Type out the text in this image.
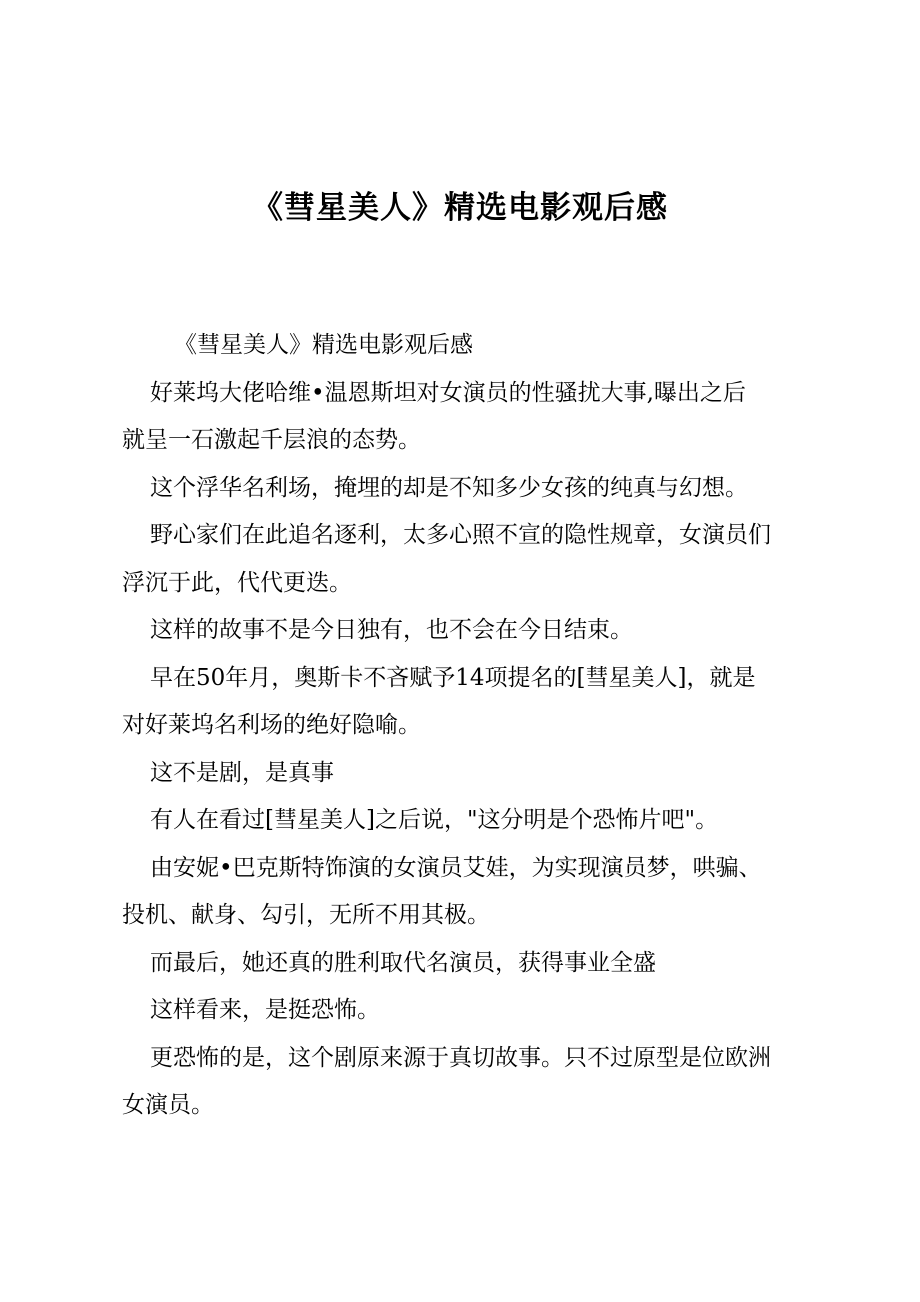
《彗星美人》精选电影观后感
《彗星美人》精选电影观后感
好莱坞大佬哈维•温恩斯坦对女演员的性骚扰大事,曝出之后
就呈一石激起千层浪的态势。
这个浮华名利场，掩埋的却是不知多少女孩的纯真与幻想。
野心家们在此追名逐利，太多心照不宣的隐性规章，女演员们
浮沉于此，代代更迭。
这样的故事不是今日独有，也不会在今日结束。
早在50年月，奥斯卡不吝赋予14项提名的[彗星美人]，就是
对好莱坞名利场的绝好隐喻。
这不是剧，是真事
有人在看过[彗星美人]之后说，"这分明是个恐怖片吧"。
由安妮•巴克斯特饰演的女演员艾娃，为实现演员梦，哄骗、
投机、献身、勾引，无所不用其极。
而最后，她还真的胜利取代名演员，获得事业全盛
这样看来，是挺恐怖。
更恐怖的是，这个剧原来源于真切故事。只不过原型是位欧洲
女演员。
